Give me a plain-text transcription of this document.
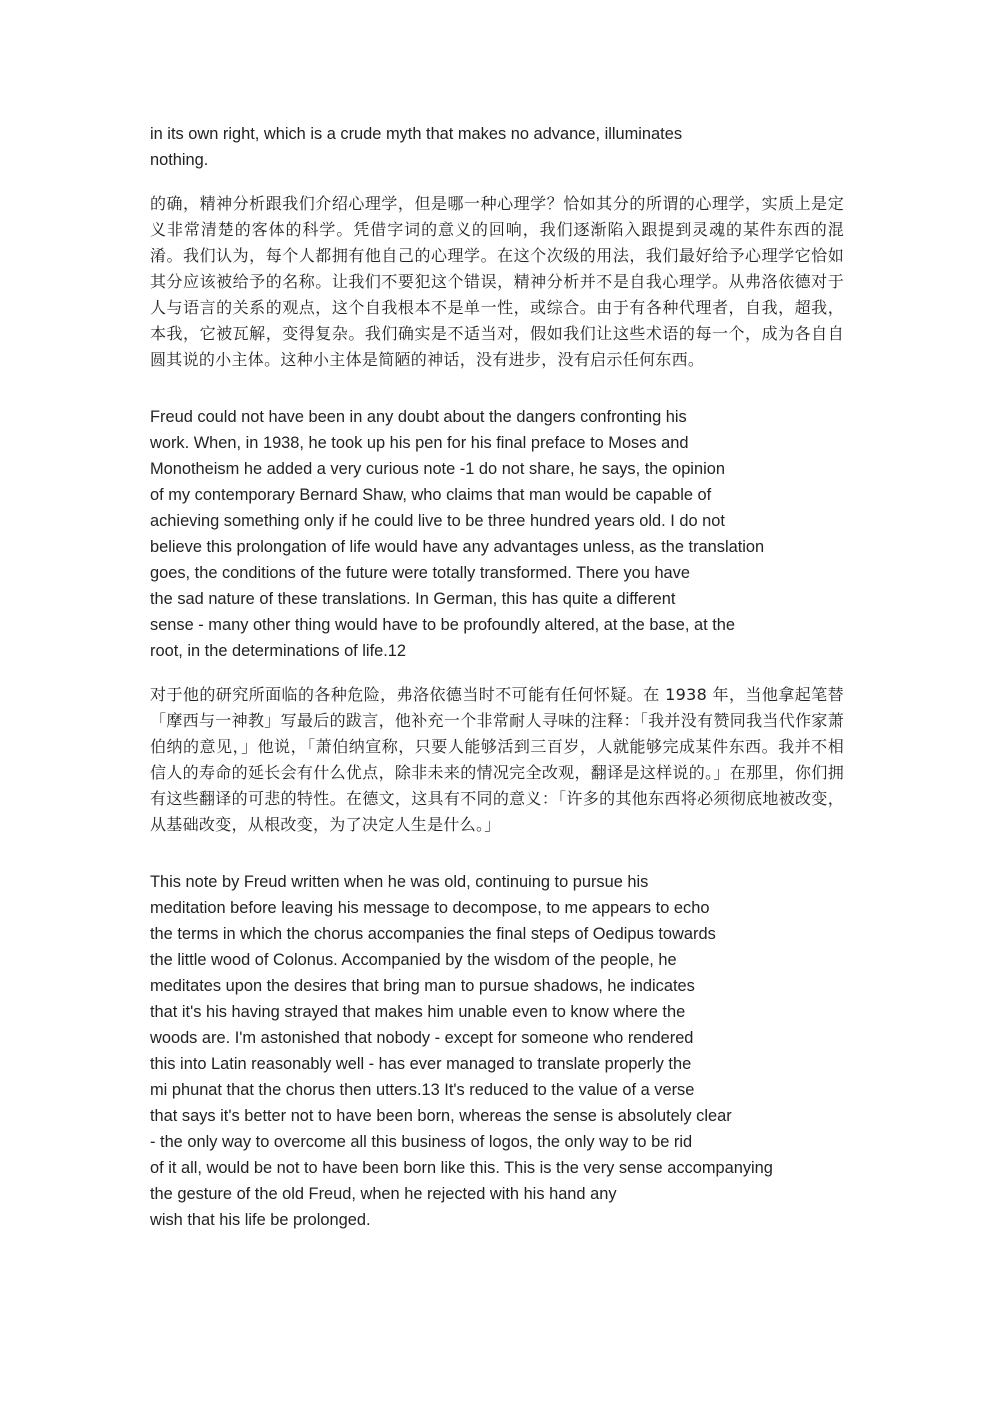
in its own right, which is a crude myth that makes no advance, illuminates
nothing.

的确，精神分析跟我们介绍心理学，但是哪一种心理学？恰如其分的所谓的心理学，实质上是定义非常清楚的客体的科学。凭借字词的意义的回响，我们逐渐陷入跟提到灵魂的某件东西的混淆。我们认为，每个人都拥有他自己的心理学。在这个次级的用法，我们最好给予心理学它恰如其分应该被给予的名称。让我们不要犯这个错误，精神分析并不是自我心理学。从弗洛依德对于人与语言的关系的观点，这个自我根本不是单一性，或综合。由于有各种代理者，自我，超我，本我，它被瓦解，变得复杂。我们确实是不适当对，假如我们让这些术语的每一个，成为各自自圆其说的小主体。这种小主体是简陋的神话，没有进步，没有启示任何东西。

Freud could not have been in any doubt about the dangers confronting his
work. When, in 1938, he took up his pen for his final preface to Moses and
Monotheism he added a very curious note -1 do not share, he says, the opinion
of my contemporary Bernard Shaw, who claims that man would be capable of
achieving something only if he could live to be three hundred years old. I do not
believe this prolongation of life would have any advantages unless, as the translation
goes, the conditions of the future were totally transformed. There you have
the sad nature of these translations. In German, this has quite a different
sense - many other thing would have to be profoundly altered, at the base, at the
root, in the determinations of life.12

对于他的研究所面临的各种危险，弗洛依德当时不可能有任何怀疑。在 1938 年，当他拿起笔替「摩西与一神教」写最后的跋言，他补充一个非常耐人寻味的注释：「我并没有赞同我当代作家萧伯纳的意见，」他说，「萧伯纳宣称，只要人能够活到三百岁，人就能够完成某件东西。我并不相信人的寿命的延长会有什么优点，除非未来的情况完全改观，翻译是这样说的。」在那里，你们拥有这些翻译的可悲的特性。在德文，这具有不同的意义：「许多的其他东西将必须彻底地被改变，从基础改变，从根改变，为了决定人生是什么。」

This note by Freud written when he was old, continuing to pursue his
meditation before leaving his message to decompose, to me appears to echo
the terms in which the chorus accompanies the final steps of Oedipus towards
the little wood of Colonus. Accompanied by the wisdom of the people, he
meditates upon the desires that bring man to pursue shadows, he indicates
that it's his having strayed that makes him unable even to know where the
woods are. I'm astonished that nobody - except for someone who rendered
this into Latin reasonably well - has ever managed to translate properly the
mi phunat that the chorus then utters.13 It's reduced to the value of a verse
that says it's better not to have been born, whereas the sense is absolutely clear
- the only way to overcome all this business of logos, the only way to be rid
of it all, would be not to have been born like this. This is the very sense accompanying
the gesture of the old Freud, when he rejected with his hand any
wish that his life be prolonged.
